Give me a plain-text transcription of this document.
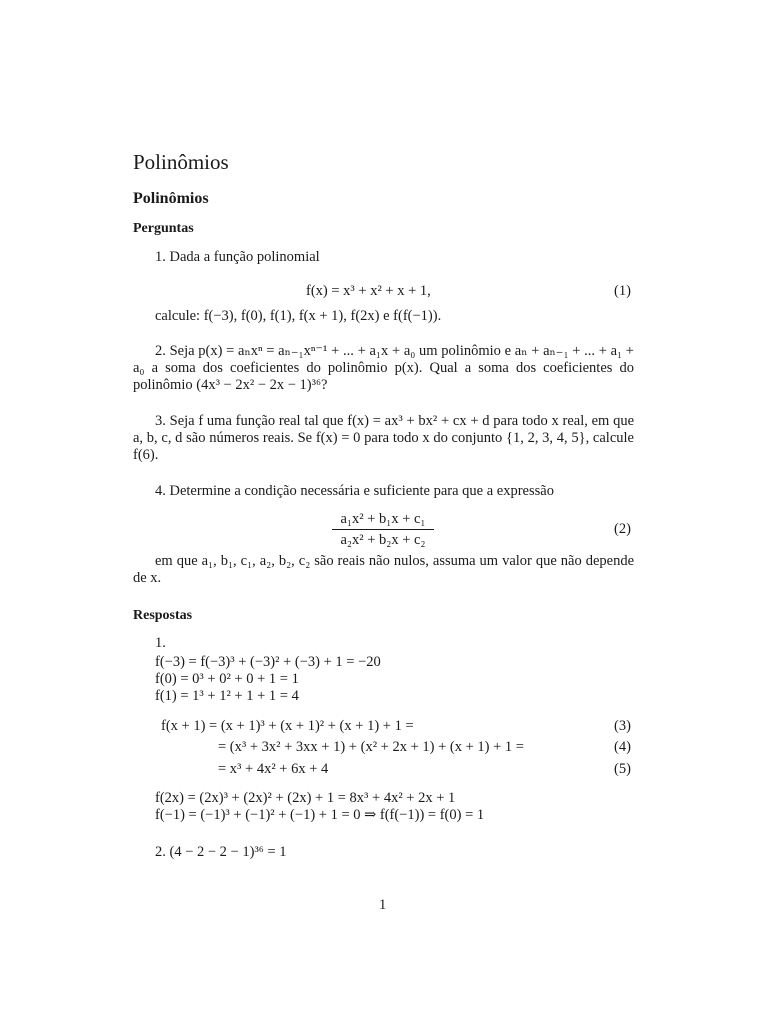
Polinômios
Polinômios
Perguntas
1. Dada a função polinomial
f(x) = x³ + x² + x + 1,	(1)
calcule: f(−3), f(0), f(1), f(x + 1), f(2x) e f(f(−1)).
2. Seja p(x) = aₙxⁿ = aₙ₋₁xⁿ⁻¹ + ... + a₁x + a₀ um polinômio e aₙ + aₙ₋₁ + ... + a₁ + a₀ a soma dos coeficientes do polinômio p(x). Qual a soma dos coeficientes do polinômio (4x³ − 2x² − 2x − 1)³⁶?
3. Seja f uma função real tal que f(x) = ax³ + bx² + cx + d para todo x real, em que a, b, c, d são números reais. Se f(x) = 0 para todo x do conjunto {1, 2, 3, 4, 5}, calcule f(6).
4. Determine a condição necessária e suficiente para que a expressão
a₁x² + b₁x + c₁
a₂x² + b₂x + c₂
(2)
em que a₁, b₁, c₁, a₂, b₂, c₂ são reais não nulos, assuma um valor que não depende de x.
Respostas
1.
f(−3) = f(−3)³ + (−3)² + (−3) + 1 = −20
f(0) = 0³ + 0² + 0 + 1 = 1
f(1) = 1³ + 1² + 1 + 1 = 4
f(x + 1) = (x + 1)³ + (x + 1)² + (x + 1) + 1 =	(3)
= (x³ + 3x² + 3xx + 1) + (x² + 2x + 1) + (x + 1) + 1 =	(4)
= x³ + 4x² + 6x + 4	(5)
f(2x) = (2x)³ + (2x)² + (2x) + 1 = 8x³ + 4x² + 2x + 1
f(−1) = (−1)³ + (−1)² + (−1) + 1 = 0 ⇒ f(f(−1)) = f(0) = 1
2. (4 − 2 − 2 − 1)³⁶ = 1
1
